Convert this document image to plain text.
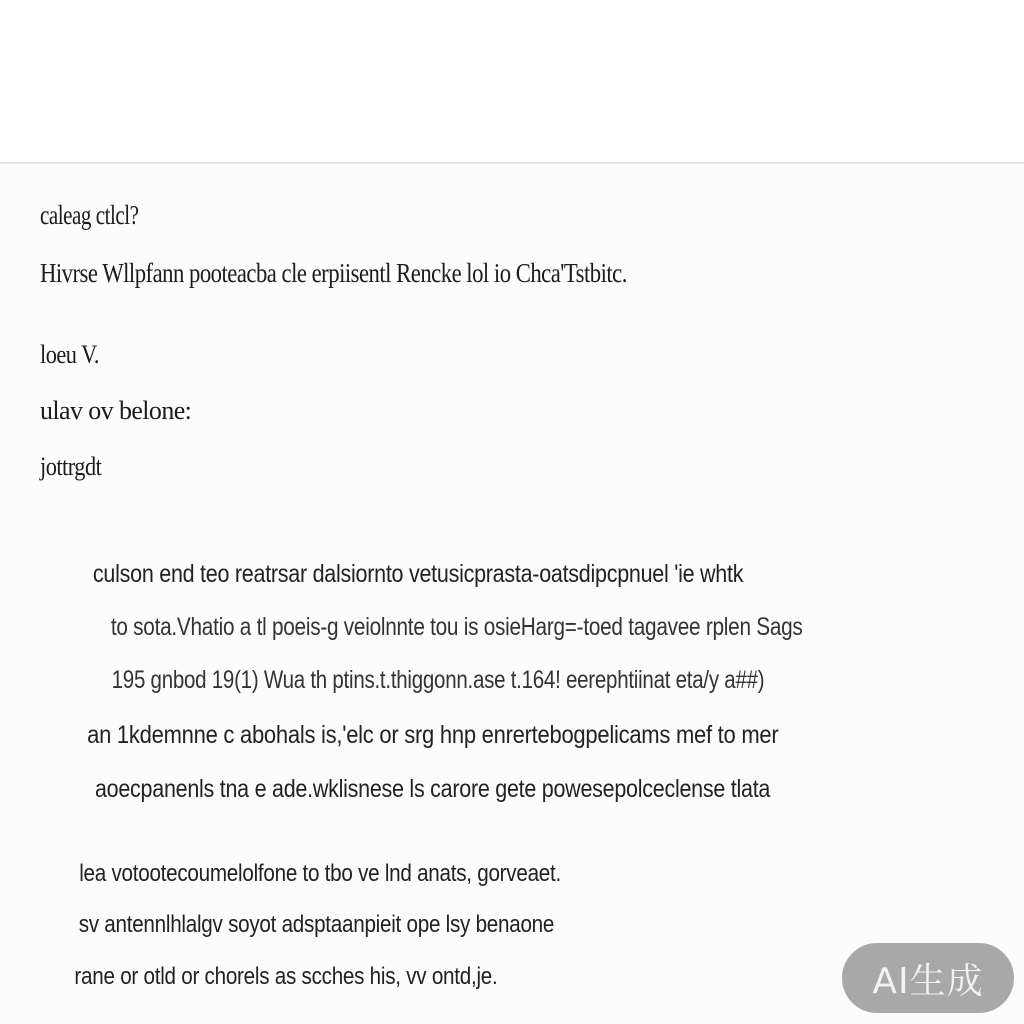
caleag ctlcl?
Hivrse Wllpfann pooteacba cle erpiisentl Rencke lol io Chca'Tstbitc.
loeu V.
ulav ov belone:
jottrgdt
culson end teo reatrsar dalsiornto vetusicprasta-oatsdipcpnuel 'ie whtk
to sota.Vhatio a tl poeis-g veiolnnte tou is osieHarg=-toed tagavee rplen Sags
195 gnbod 19(1) Wua th ptins.t.thiggonn.ase t.164! eerephtiinat eta/y a##)
an 1kdemnne c abohals is,'elc or srg hnp enrertebogpelicams mef to mer
aoecpanenls tna e ade.wklisnese ls carore gete powesepolceclense tlata
lea votootecoumelolfone to tbo ve lnd anats, gorveaet.
sv antennlhlalgv soyot adsptaanpieit ope lsy benaone
rane or otld or chorels as scches his, vv ontd,je.	AI生成
